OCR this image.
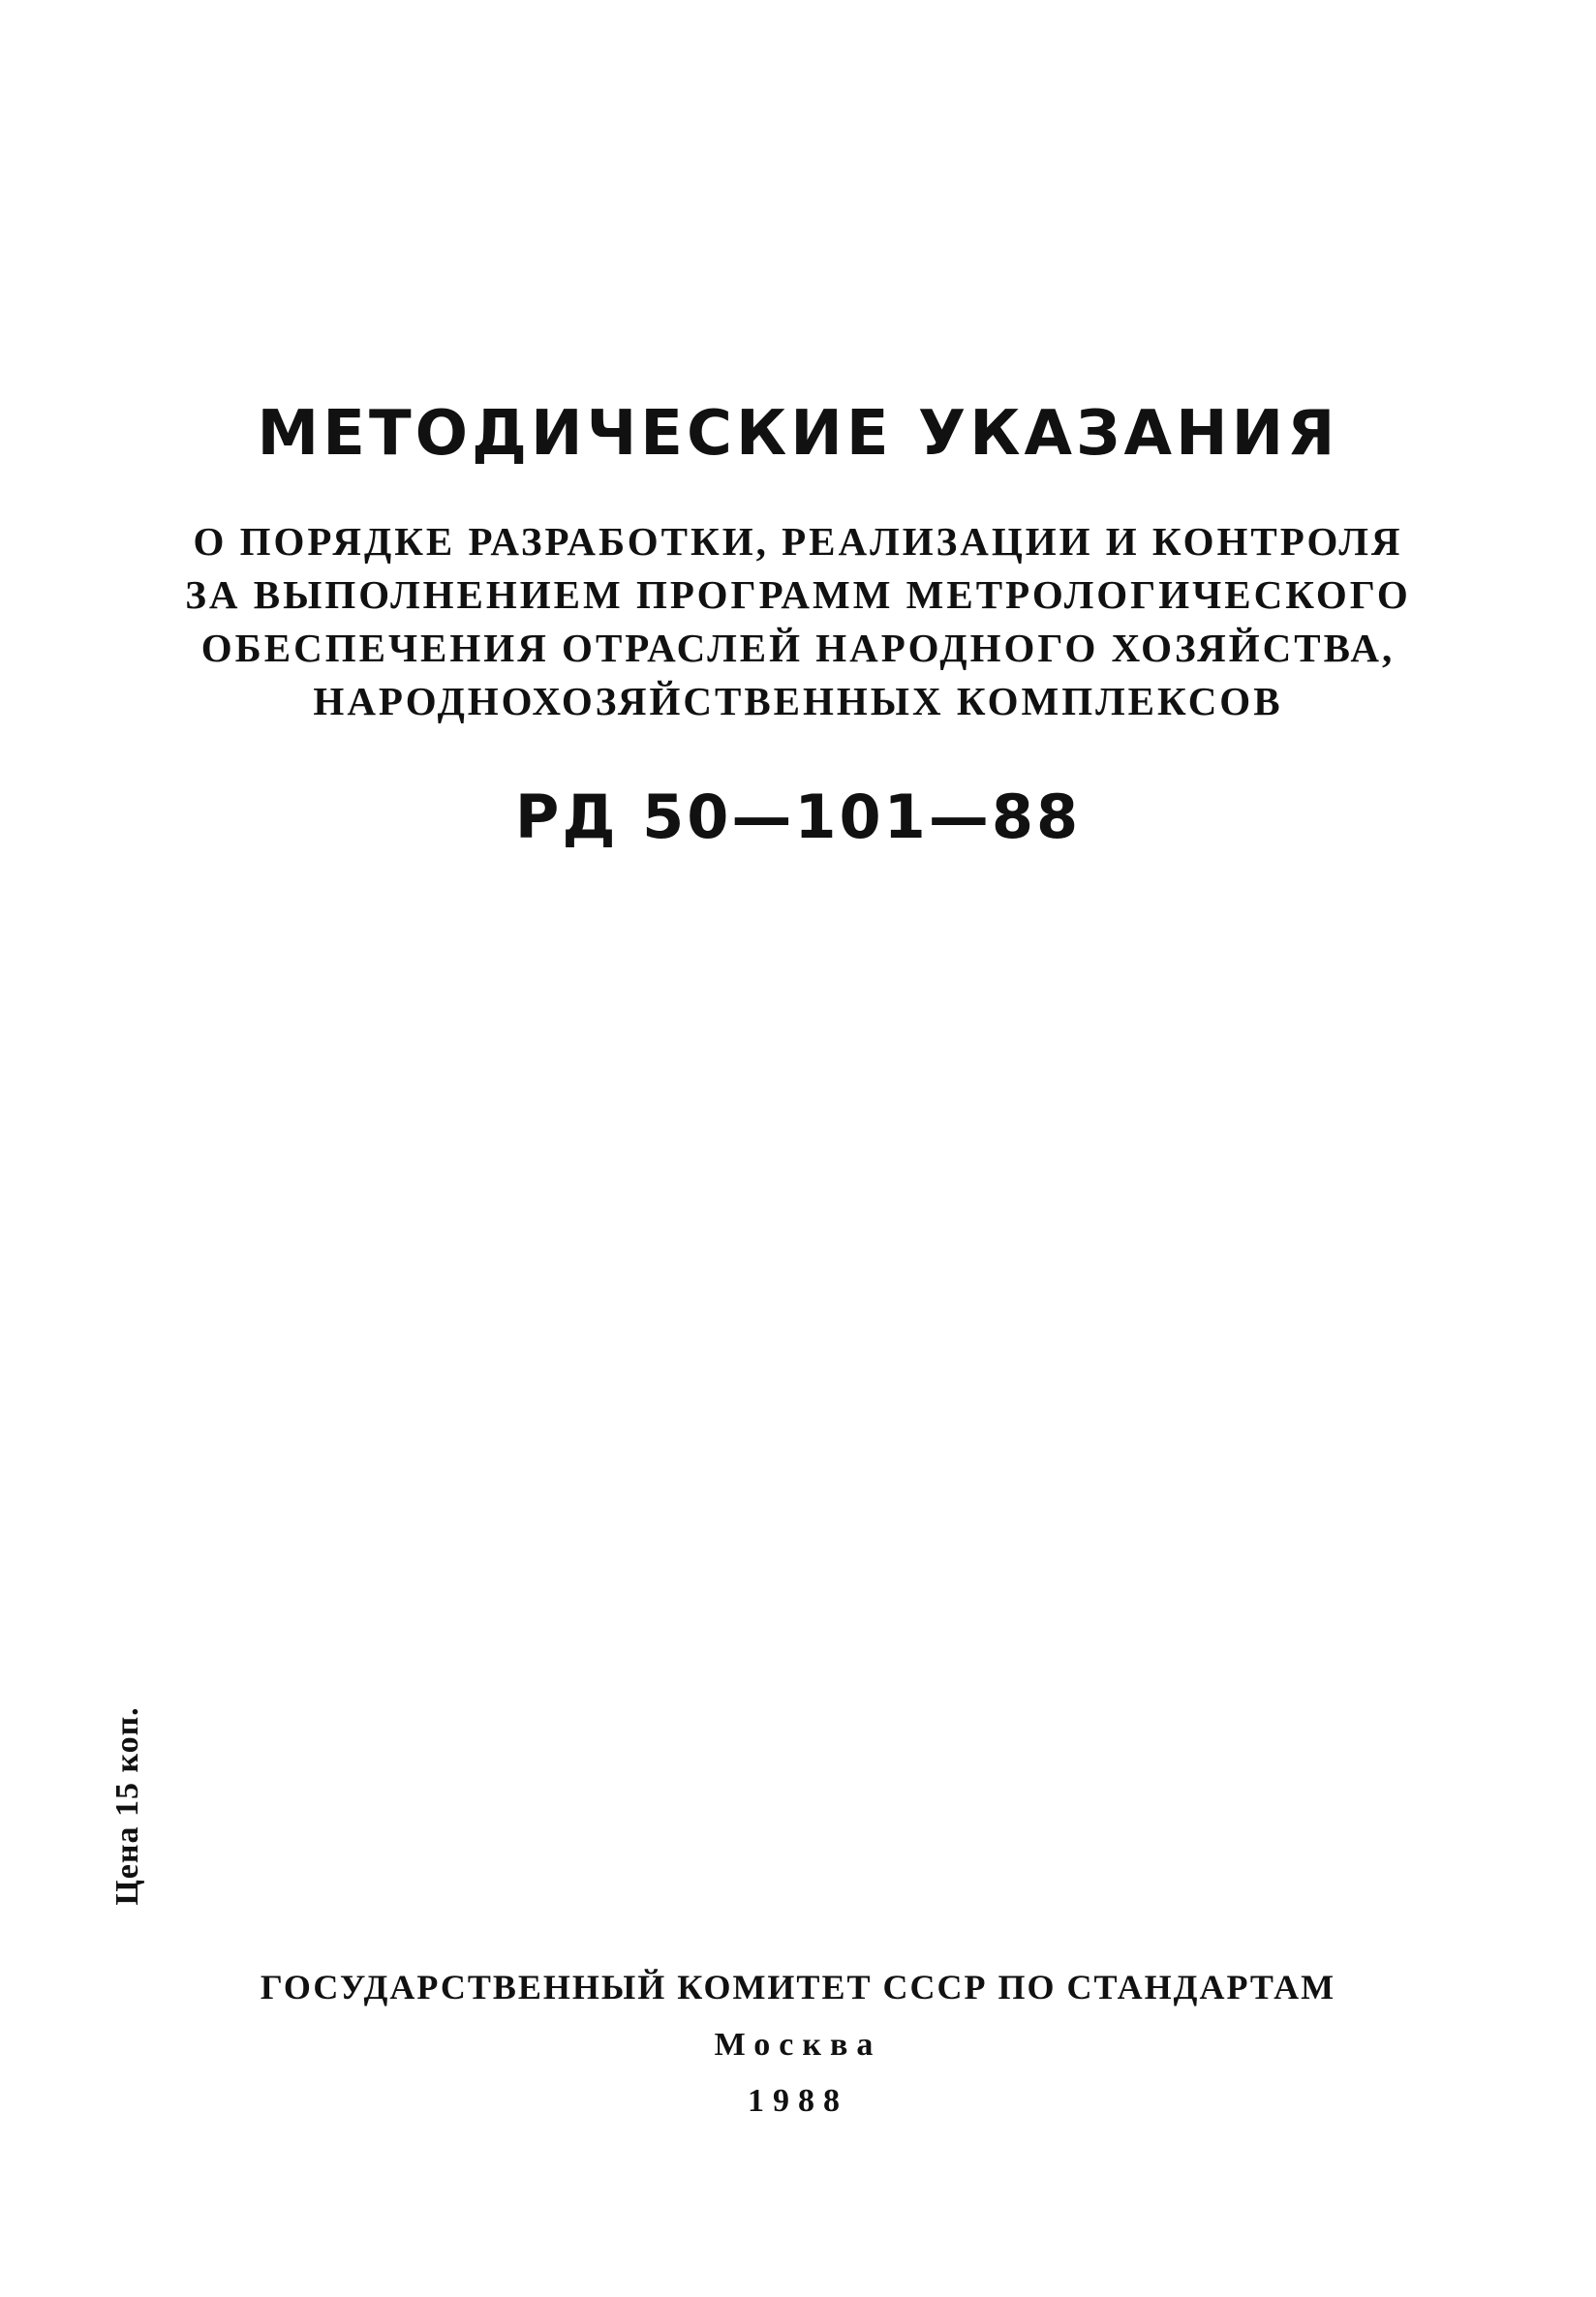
МЕТОДИЧЕСКИЕ УКАЗАНИЯ
О ПОРЯДКЕ РАЗРАБОТКИ, РЕАЛИЗАЦИИ И КОНТРОЛЯ
ЗА ВЫПОЛНЕНИЕМ ПРОГРАММ МЕТРОЛОГИЧЕСКОГО
ОБЕСПЕЧЕНИЯ ОТРАСЛЕЙ НАРОДНОГО ХОЗЯЙСТВА,
НАРОДНОХОЗЯЙСТВЕННЫХ КОМПЛЕКСОВ
РД 50—101—88
Цена 15 коп.
ГОСУДАРСТВЕННЫЙ КОМИТЕТ СССР ПО СТАНДАРТАМ
Москва
1988
